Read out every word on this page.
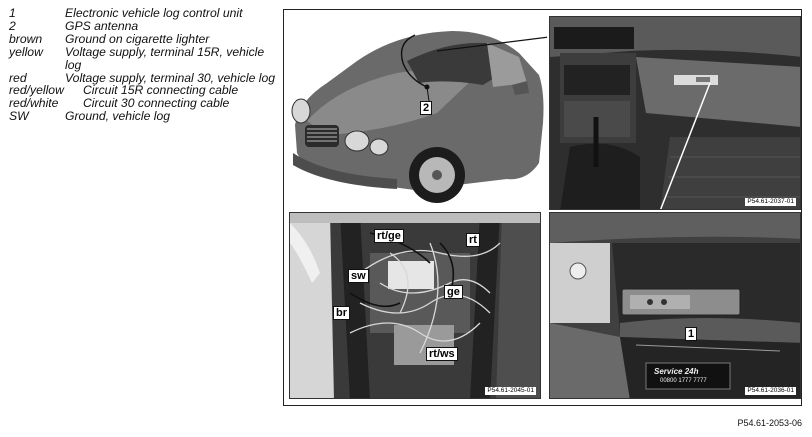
1	Electronic vehicle log control unit
2	GPS antenna
brown Ground on cigarette lighter
yellow Voltage supply, terminal 15R, vehicle log
red	Voltage supply, terminal 30, vehicle log
red/yellow Circuit 15R connecting cable
red/white Circuit 30 connecting cable
SW	Ground, vehicle log
2
P54.61-2037-01
rt/ge	rt
sw
ge
br
rt/ws
P54.61-2045-01
1
Service 24h
00800 1777 7777
P54.61-2036-01
P54.61-2053-06
